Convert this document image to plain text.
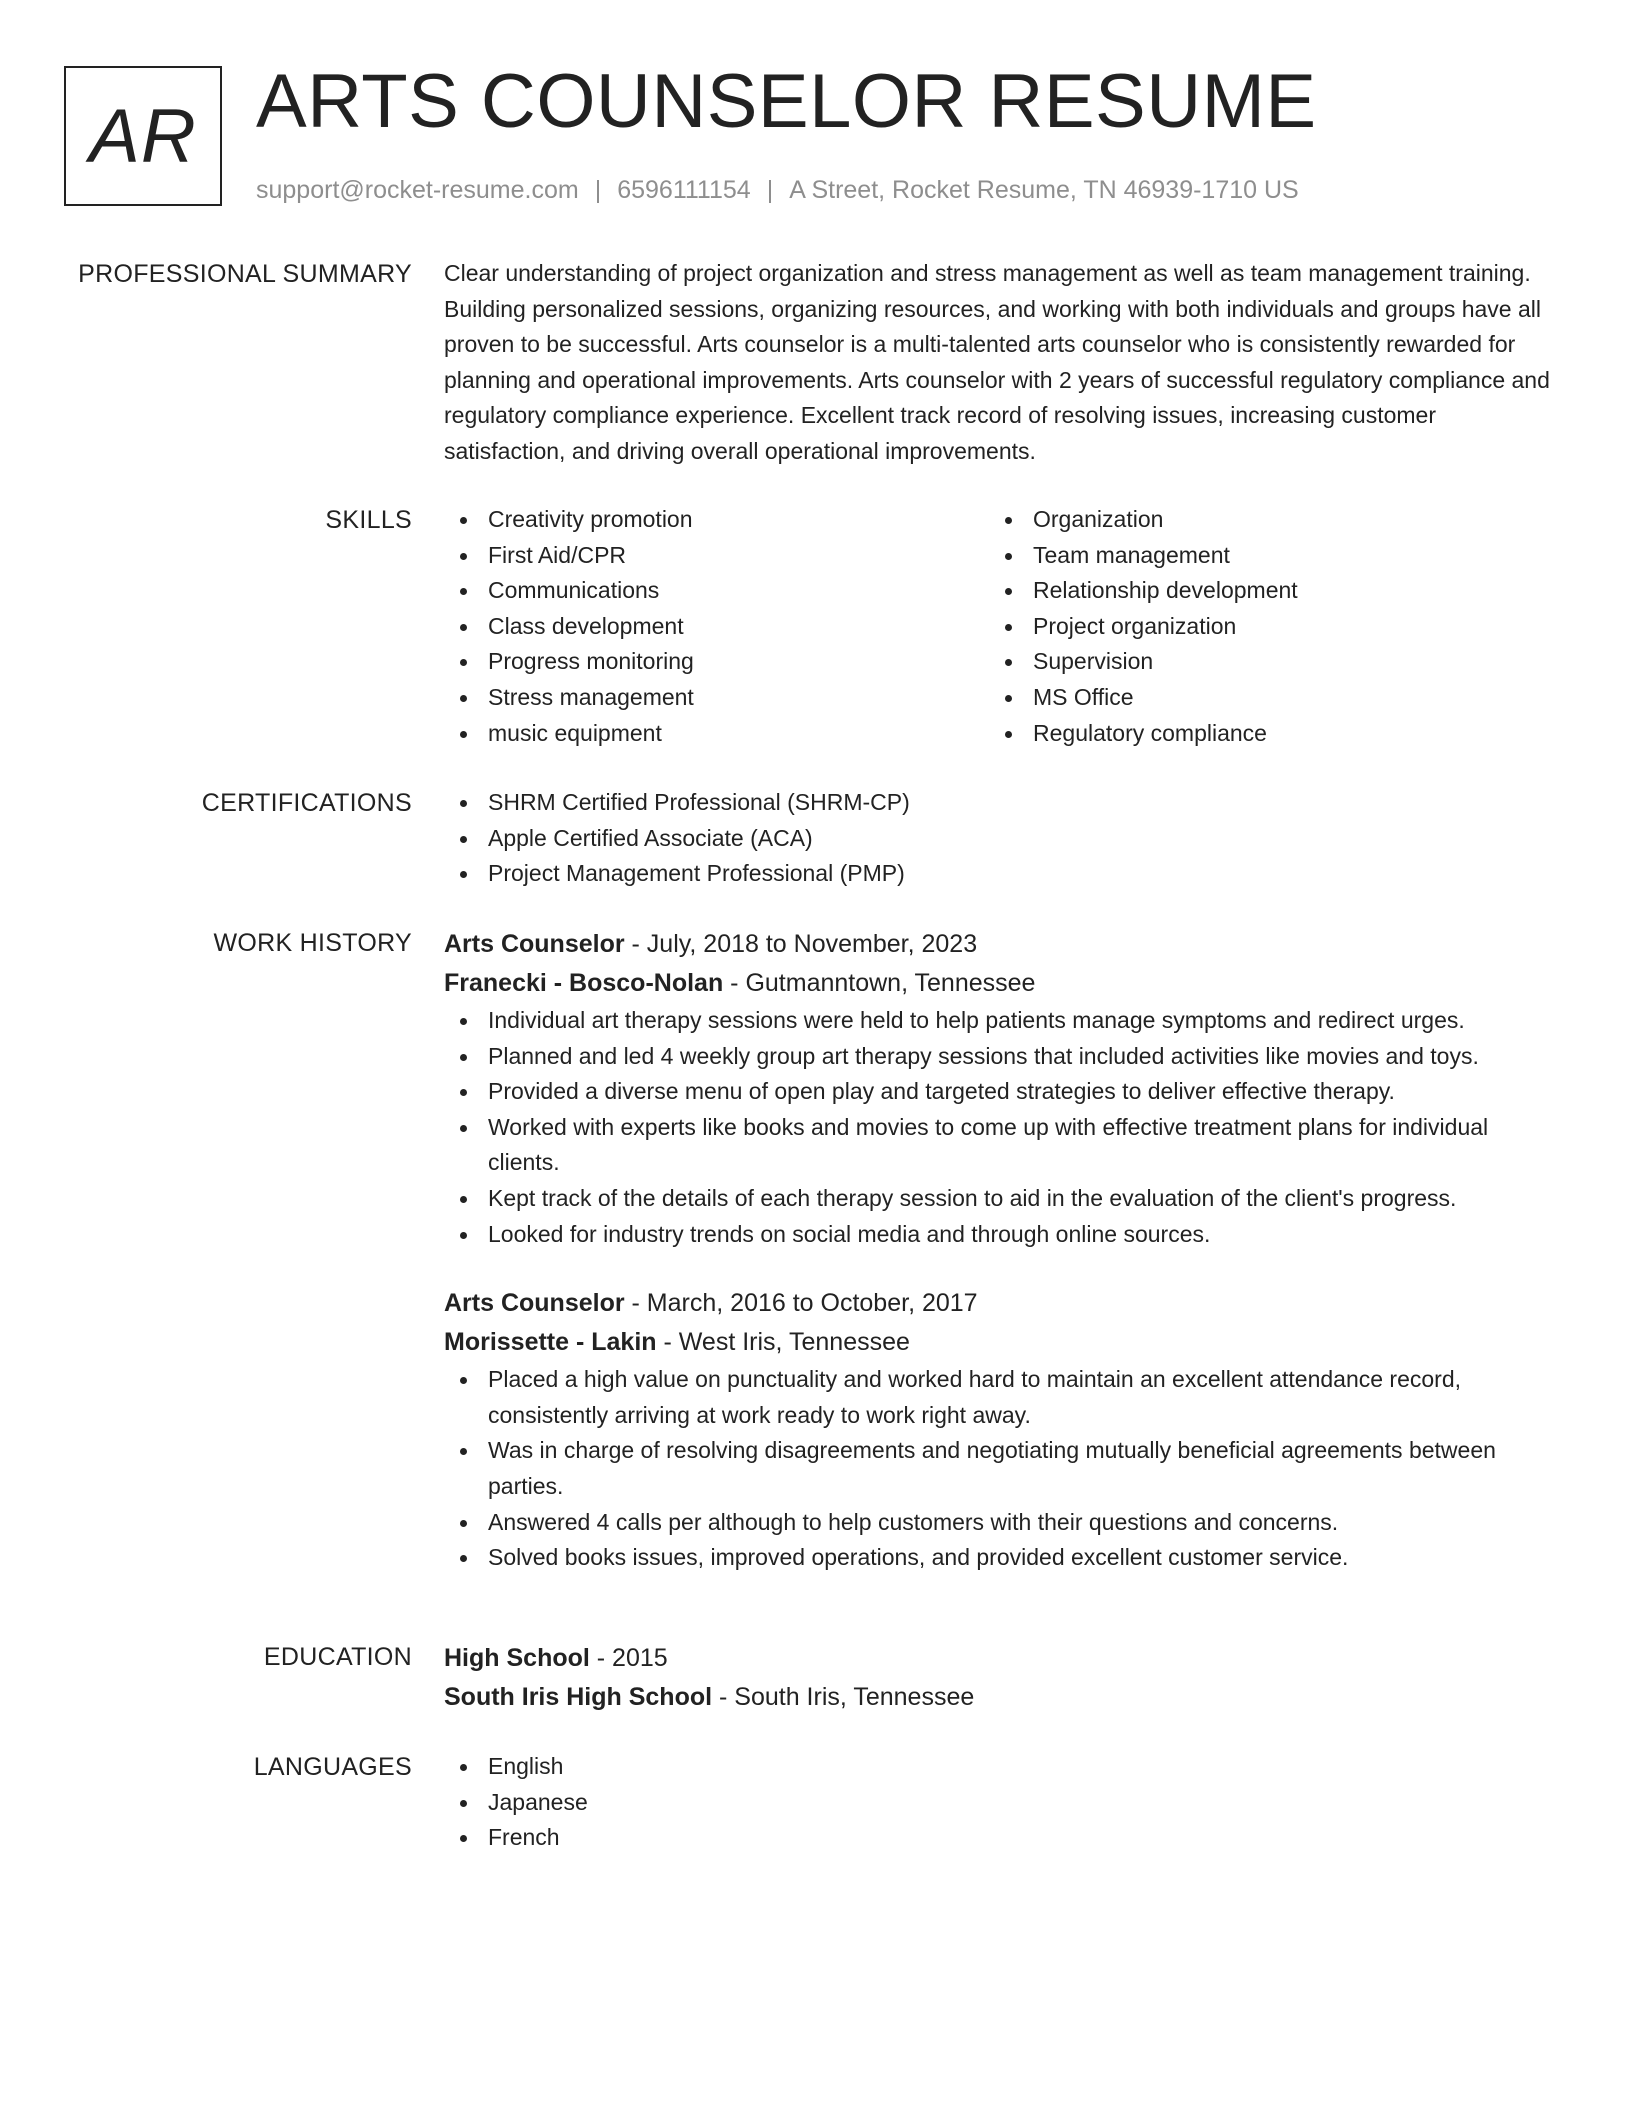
AR ARTS COUNSELOR RESUME
support@rocket-resume.com | 6596111154 | A Street, Rocket Resume, TN 46939-1710 US
PROFESSIONAL SUMMARY Clear understanding of project organization and stress management as well as team management training. Building personalized sessions, organizing resources, and working with both individuals and groups have all proven to be successful. Arts counselor is a multi-talented arts counselor who is consistently rewarded for planning and operational improvements. Arts counselor with 2 years of successful regulatory compliance and regulatory compliance experience. Excellent track record of resolving issues, increasing customer satisfaction, and driving overall operational improvements.

SKILLS	Creativity promotion
First Aid/CPR
Communications
Class development
Progress monitoring
Stress management
music equipment
Organization
Team management
Relationship development
Project organization
Supervision
MS Office
Regulatory compliance
CERTIFICATIONS	SHRM Certified Professional (SHRM-CP)
Apple Certified Associate (ACA)
Project Management Professional (PMP)
WORK HISTORY Arts Counselor - July, 2018 to November, 2023
Franecki - Bosco-Nolan - Gutmanntown, Tennessee
Individual art therapy sessions were held to help patients manage symptoms and redirect urges.
Planned and led 4 weekly group art therapy sessions that included activities like movies and toys.
Provided a diverse menu of open play and targeted strategies to deliver effective therapy.
Worked with experts like books and movies to come up with effective treatment plans for individual clients.
Kept track of the details of each therapy session to aid in the evaluation of the client's progress.
Looked for industry trends on social media and through online sources.
Arts Counselor - March, 2016 to October, 2017
Morissette - Lakin - West Iris, Tennessee
Placed a high value on punctuality and worked hard to maintain an excellent attendance record, consistently arriving at work ready to work right away.
Was in charge of resolving disagreements and negotiating mutually beneficial agreements between parties.
Answered 4 calls per although to help customers with their questions and concerns.
Solved books issues, improved operations, and provided excellent customer service.
EDUCATION High School - 2015
South Iris High School - South Iris, Tennessee
LANGUAGES	English
Japanese
French
